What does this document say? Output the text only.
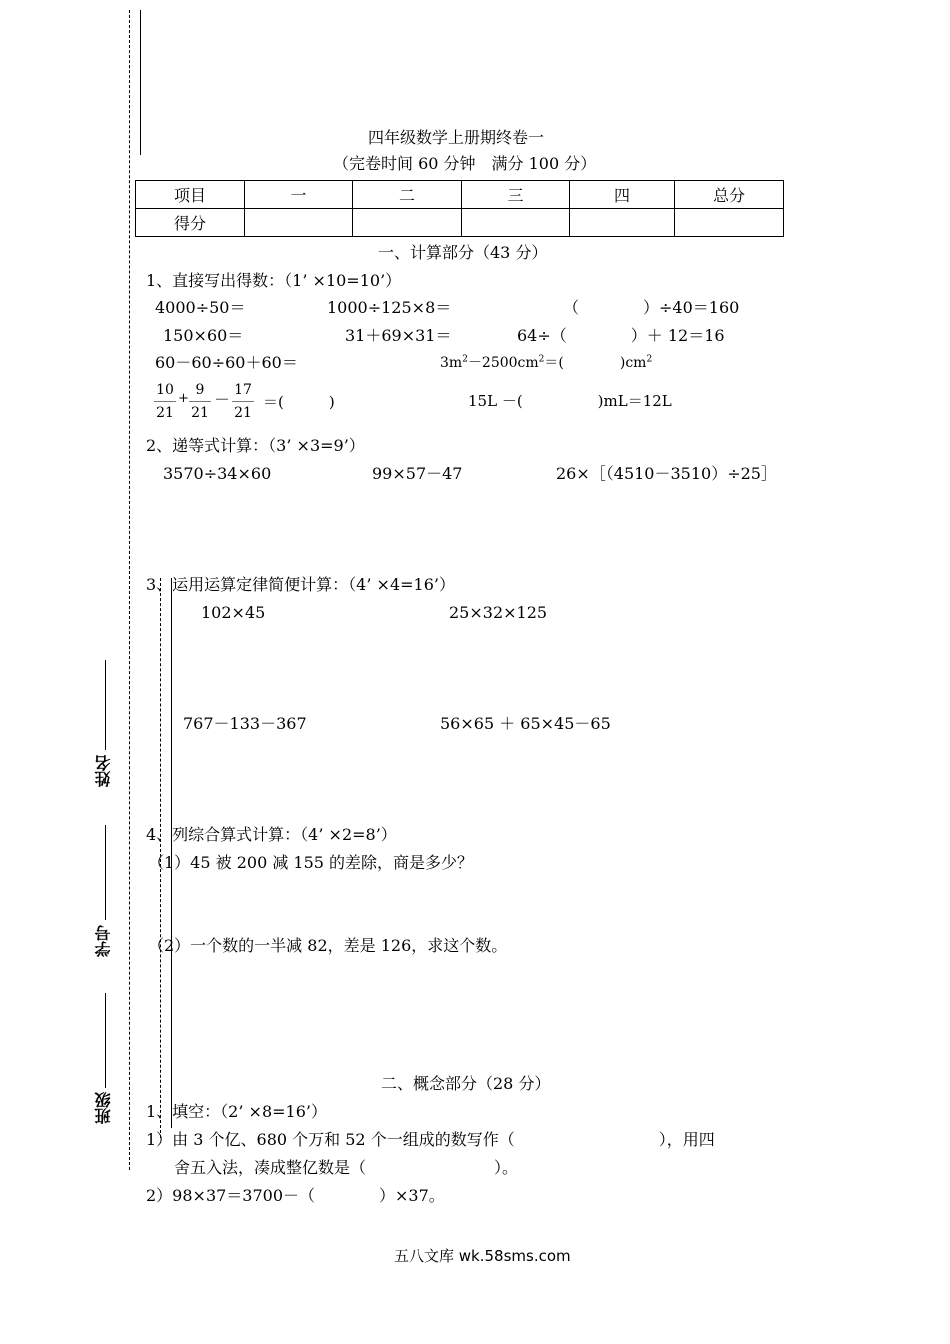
姓名
学号
班级
四年级数学上册期终卷一
（完卷时间 60 分钟　满分 100 分）
项目	一	二	三	四	总分
得分					
一、计算部分（43 分）
1、直接写出得数：（1’ ×10=10’）
4000÷50＝	1000÷125×8＝	（　　　　）÷40＝160
150×60＝	31＋69×31＝	64÷（　　　　）＋ 12＝16
60－60÷60＋60＝	$3m^2-2500cm^2=$(　　　　)$cm^2$
10
21
+
9
21
－ 17
21
＝(　　　)	15L －(　　　　　)mL＝12L
2、递等式计算：（3’ ×3=9’）
3570÷34×60	99×57－47	26×［（4510－3510）÷25］
3、运用运算定律简便计算：（4’ ×4=16’）
102×45	25×32×125
767－133－367	56×65 ＋ 65×45－65
4、列综合算式计算：（4’ ×2=8’）
（1）45 被 200 减 155 的差除，商是多少？
（2）一个数的一半减 82，差是 126，求这个数。
二、概念部分（28 分）
1、填空：（2’ ×8=16’）
1）由 3 个亿、680 个万和 52 个一组成的数写作（　　　　　　　　　），用四
舍五入法，凑成整亿数是（　　　　　　　　）。
2）98×37＝3700－（　　　　）×37。
五八文库 wk.58sms.com
